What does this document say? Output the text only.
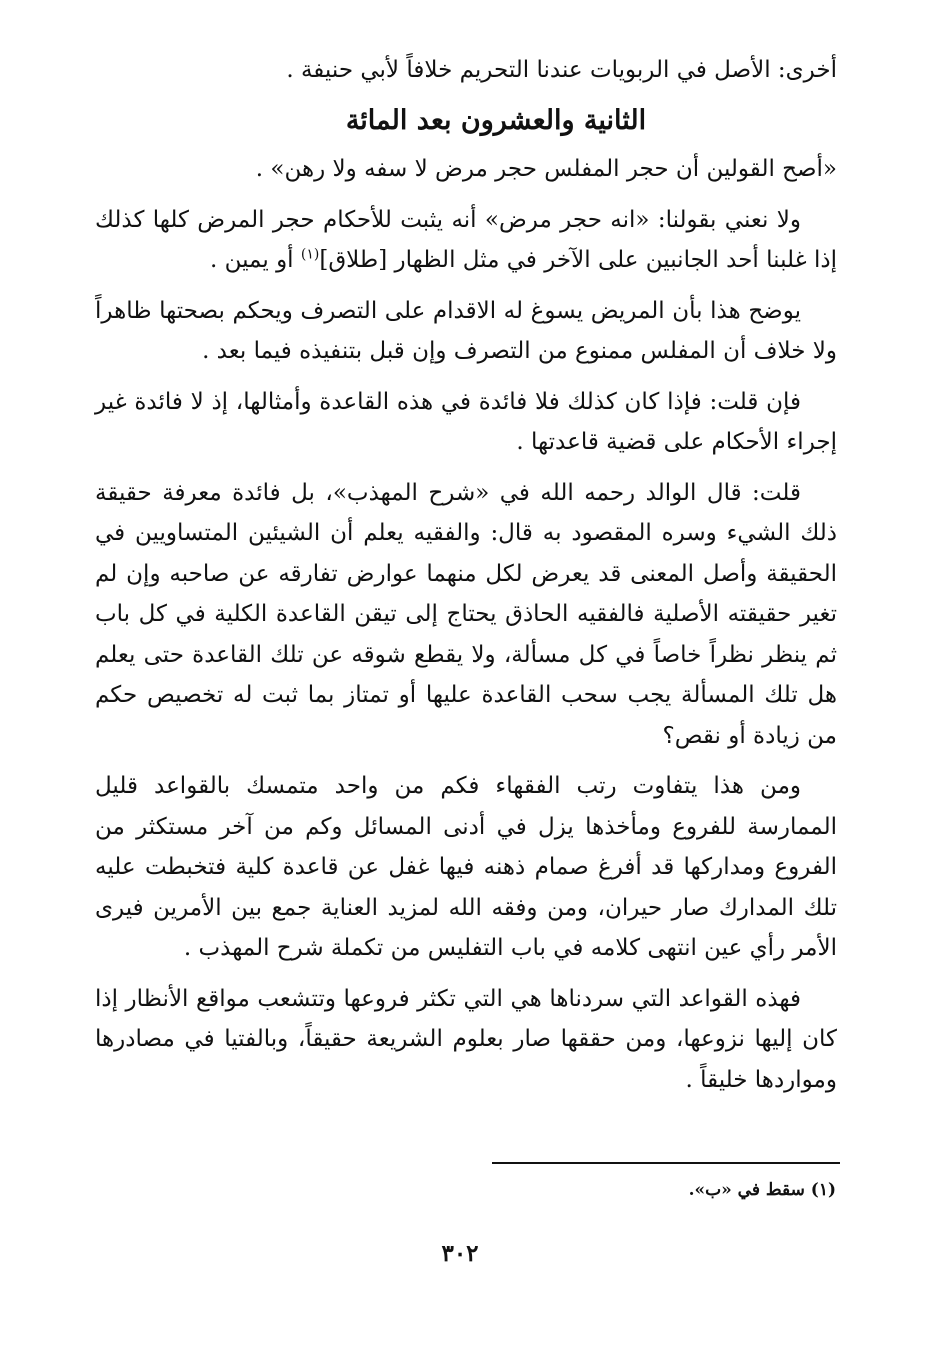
أخرى: الأصل في الربويات عندنا التحريم خلافاً لأبي حنيفة .

الثانية والعشرون بعد المائة

«أصح القولين أن حجر المفلس حجر مرض لا سفه ولا رهن» .

ولا نعني بقولنا: «انه حجر مرض» أنه يثبت للأحكام حجر المرض كلها كذلك إذا غلبنا أحد الجانبين على الآخر في مثل الظهار [طلاق]$^{(١)}$ أو يمين .

يوضح هذا بأن المريض يسوغ له الاقدام على التصرف ويحكم بصحتها ظاهراً ولا خلاف أن المفلس ممنوع من التصرف وإن قبل بتنفيذه فيما بعد .

فإن قلت: فإذا كان كذلك فلا فائدة في هذه القاعدة وأمثالها، إذ لا فائدة غير إجراء الأحكام على قضية قاعدتها .

قلت: قال الوالد رحمه الله في «شرح المهذب»، بل فائدة معرفة حقيقة ذلك الشيء وسره المقصود به قال: والفقيه يعلم أن الشيئين المتساويين في الحقيقة وأصل المعنى قد يعرض لكل منهما عوارض تفارقه عن صاحبه وإن لم تغير حقيقته الأصلية فالفقيه الحاذق يحتاج إلى تيقن القاعدة الكلية في كل باب ثم ينظر نظراً خاصاً في كل مسألة، ولا يقطع شوقه عن تلك القاعدة حتى يعلم هل تلك المسألة يجب سحب القاعدة عليها أو تمتاز بما ثبت له تخصيص حكم من زيادة أو نقص؟

ومن هذا يتفاوت رتب الفقهاء فكم من واحد متمسك بالقواعد قليل الممارسة للفروع ومأخذها يزل في أدنى المسائل وكم من آخر مستكثر من الفروع ومداركها قد أفرغ صمام ذهنه فيها غفل عن قاعدة كلية فتخبطت عليه تلك المدارك صار حيران، ومن وفقه الله لمزيد العناية جمع بين الأمرين فيرى الأمر رأي عين انتهى كلامه في باب التفليس من تكملة شرح المهذب .

فهذه القواعد التي سردناها هي التي تكثر فروعها وتتشعب مواقع الأنظار إذا كان إليها نزوعها، ومن حققها صار بعلوم الشريعة حقيقاً، وبالفتيا في مصادرها ومواردها خليقاً .

(١) سقط في «ب».
٣٠٢
